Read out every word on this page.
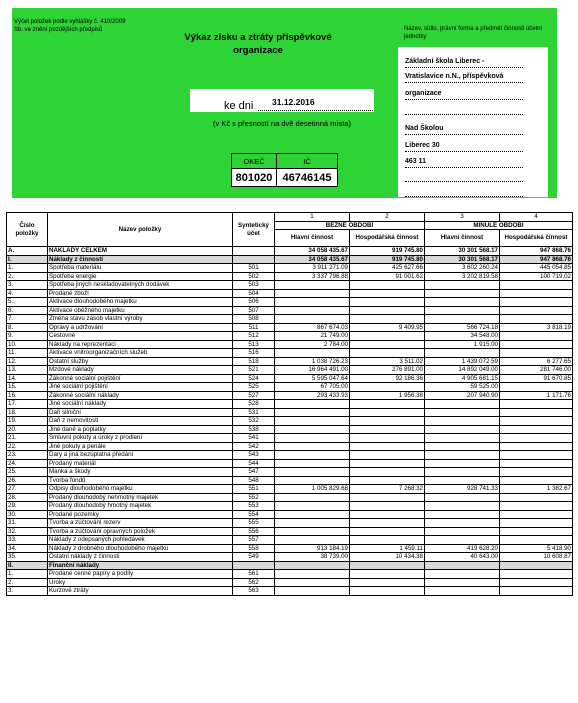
Výčet položek podle vyhlášky č. 410/2009 Sb. ve znění pozdějších předpisů
Výkaz zisku a ztráty příspěvkové organizace
ke dni 31.12.2016
(v Kč s přesností na dvě desetinná místa)
OKEČ	IČ
801020	46746145
Název, sídlo, právní forma a předmět činnosti účetní jednotky
Základní škola Liberec -
Vratislavice n.N., příspěvková
organizace
Nad Školou
Liberec 30
463 11
Číslo položky	Název položky	Syntetický účet	1	2	3	4
			BĚŽNÉ OBDOBÍ		MINULÉ OBDOBÍ	
			Hlavní činnost	Hospodářská činnost	Hlavní činnost	Hospodářská činnost
A.	NÁKLADY CELKEM		34 058 435.67	919 745.80	30 301 568.17	947 868.76
I.	Náklady z činností		34 058 435.67	919 745.80	30 301 568.17	947 868.76
1.	Spotřeba materiálu	501	3 911 271.09	425 627.66	3 602 260.24	445 054.85
2.	Spotřeba energie	502	3 337 796.88	91 001.62	3 202 819.58	100 719.02
3.	Spotřeba jiných neskladovatelných dodávek	503				
4.	Prodané zboží	504				
5.	Aktivace dlouhodobého majetku	506				
6.	Aktivace oběžného majetku	507				
7.	Změna stavu zásob vlastní výroby	508				
8.	Opravy a udržování	511	867 674.03	9 409.95	566 724.18	3 818.19
9.	Cestovné	512	21 749.00		34 548.00	
10.	Náklady na reprezentaci	513	2 784.00		1 915.00	
11.	Aktivace vnitroorganizačních služeb	516				
12.	Ostatní služby	518	1 038 726.23	3 511.02	1 439 072.59	6 277.65
13.	Mzdové náklady	521	16 964 491.00	276 891.00	14 892 049.00	281 746.00
14.	Zákonné sociální pojištění	524	5 595 047.64	92 186.36	4 905 681.15	91 670.85
15.	Jiné sociální pojištění	525	67 705.00		59 525.00	
16.	Zákonné sociální náklady	527	293 433.93	1 956.38	207 940.90	1 171.76
17.	Jiné sociální náklady	528				
18.	Daň silniční	531				
19.	Daň z nemovitostí	532				
20.	Jiné daně a poplatky	538				
21.	Smluvní pokuty a úroky z prodlení	541				
22.	Jiné pokuty a penále	542				
23.	Dary a jiná bezúplatná předání	543				
24.	Prodaný materiál	544				
25.	Manka a škody	547				
26.	Tvorba fondů	548				
27.	Odpisy dlouhodobého majetku	551	1 005 829.68	7 268.32	928 741.33	1 382.67
28.	Prodaný dlouhodobý nehmotný majetek	552				
29.	Prodaný dlouhodobý hmotný majetek	553				
30.	Prodané pozemky	554				
31.	Tvorba a zúčtování rezerv	555				
32.	Tvorba a zúčtování opravných položek	556				
33.	Náklady z odepsaných pohledávek	557				
34.	Náklady z drobného dlouhodobého majetku	558	913 184.19	1 459.11	419 628.20	5 418.90
35.	Ostatní náklady z činnosti	549	38 739.00	10 434.38	40 643.00	10 608.87
II.	Finanční náklady					
1.	Prodané cenné papíry a podíly	561				
2.	Úroky	562				
3.	Kurzové ztráty	563				
